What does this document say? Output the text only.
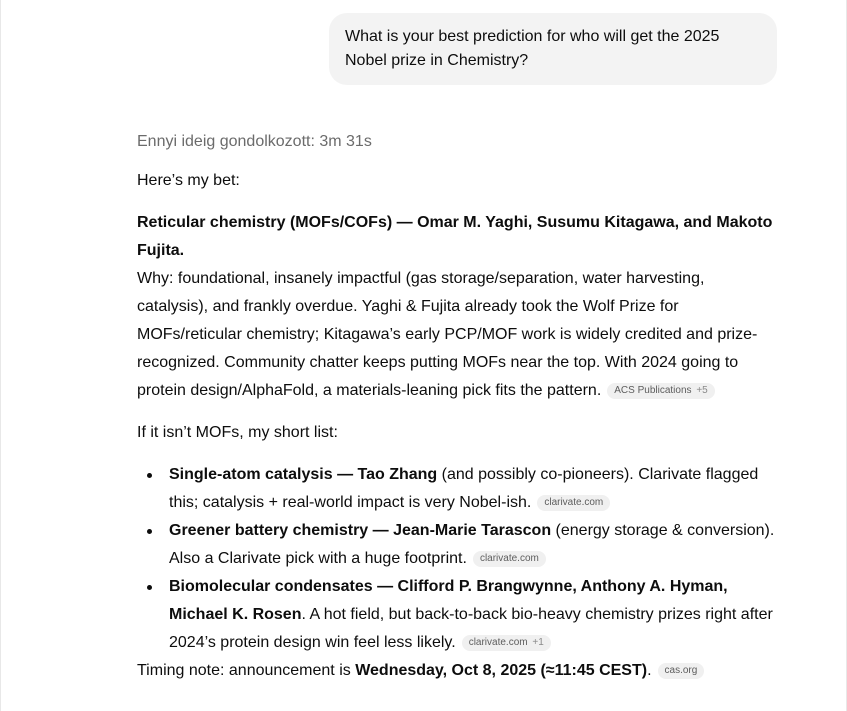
What is your best prediction for who will get the 2025 Nobel prize in Chemistry?

Ennyi ideig gondolkozott: 3m 31s

Here’s my bet:

Reticular chemistry (MOFs/COFs) — Omar M. Yaghi, Susumu Kitagawa, and Makoto Fujita.

Why: foundational, insanely impactful (gas storage/separation, water harvesting, catalysis), and frankly overdue. Yaghi & Fujita already took the Wolf Prize for MOFs/reticular chemistry; Kitagawa’s early PCP/MOF work is widely credited and prize-recognized. Community chatter keeps putting MOFs near the top. With 2024 going to protein design/AlphaFold, a materials-leaning pick fits the pattern. ACS Publications +5

If it isn’t MOFs, my short list:

Single-atom catalysis — Tao Zhang (and possibly co-pioneers). Clarivate flagged this; catalysis + real-world impact is very Nobel-ish. clarivate.com
Greener battery chemistry — Jean-Marie Tarascon (energy storage & conversion). Also a Clarivate pick with a huge footprint. clarivate.com
Biomolecular condensates — Clifford P. Brangwynne, Anthony A. Hyman, Michael K. Rosen. A hot field, but back-to-back bio-heavy chemistry prizes right after 2024’s protein design win feel less likely. clarivate.com +1

Timing note: announcement is Wednesday, Oct 8, 2025 (≈11:45 CEST). cas.org
